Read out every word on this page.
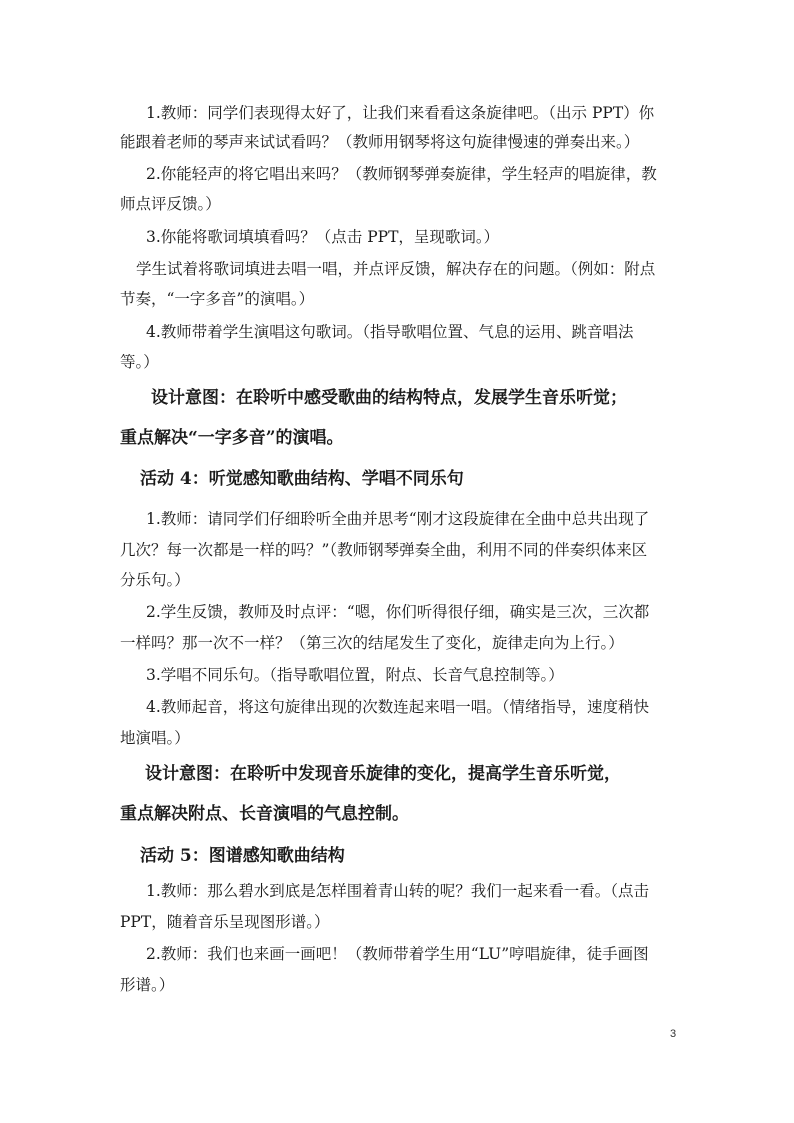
1.教师：同学们表现得太好了，让我们来看看这条旋律吧。（出示 PPT）你
能跟着老师的琴声来试试看吗？（教师用钢琴将这句旋律慢速的弹奏出来。）
2.你能轻声的将它唱出来吗？（教师钢琴弹奏旋律，学生轻声的唱旋律，教
师点评反馈。）
3.你能将歌词填填看吗？（点击 PPT，呈现歌词。）
学生试着将歌词填进去唱一唱，并点评反馈，解决存在的问题。（例如：附点
节奏，“一字多音”的演唱。）
4.教师带着学生演唱这句歌词。（指导歌唱位置、气息的运用、跳音唱法
等。）
设计意图：在聆听中感受歌曲的结构特点，发展学生音乐听觉；
重点解决“一字多音”的演唱。
活动 4：听觉感知歌曲结构、学唱不同乐句
1.教师：请同学们仔细聆听全曲并思考“刚才这段旋律在全曲中总共出现了
几次？每一次都是一样的吗？”（教师钢琴弹奏全曲，利用不同的伴奏织体来区
分乐句。）
2.学生反馈，教师及时点评：“嗯，你们听得很仔细，确实是三次，三次都
一样吗？那一次不一样？（第三次的结尾发生了变化，旋律走向为上行。）
3.学唱不同乐句。（指导歌唱位置，附点、长音气息控制等。）
4.教师起音，将这句旋律出现的次数连起来唱一唱。（情绪指导，速度稍快
地演唱。）
设计意图：在聆听中发现音乐旋律的变化，提高学生音乐听觉，
重点解决附点、长音演唱的气息控制。
活动 5：图谱感知歌曲结构
1.教师：那么碧水到底是怎样围着青山转的呢？我们一起来看一看。（点击
PPT，随着音乐呈现图形谱。）
2.教师：我们也来画一画吧！（教师带着学生用“LU”哼唱旋律，徒手画图
形谱。）
3
